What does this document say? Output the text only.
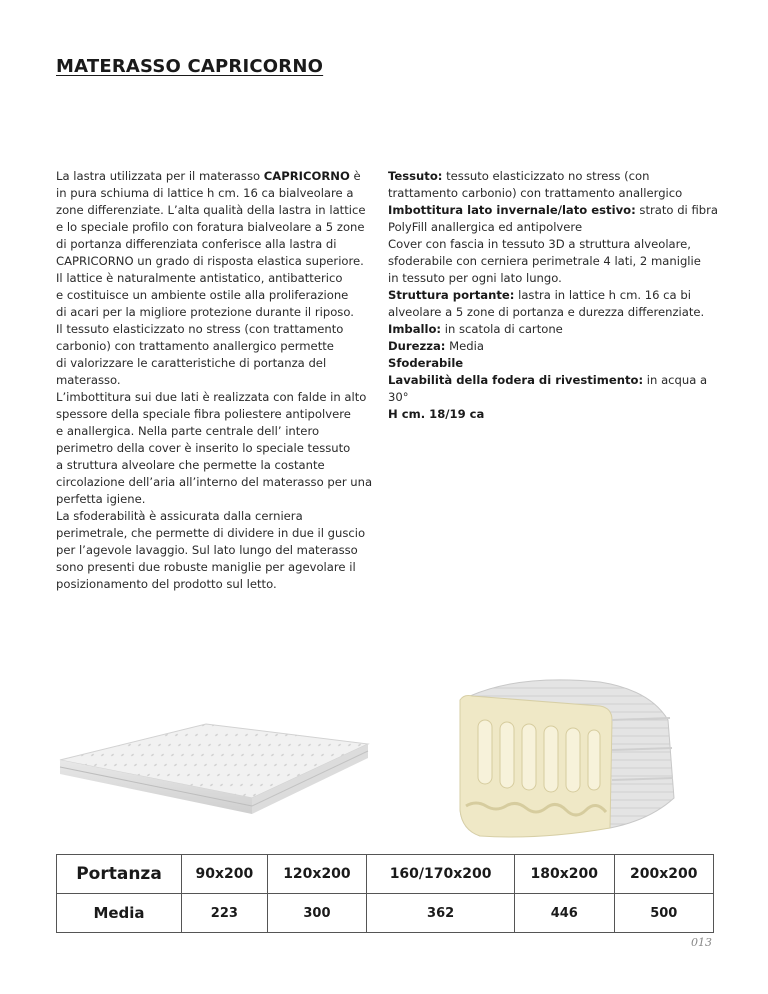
MATERASSO CAPRICORNO

La lastra utilizzata per il materasso CAPRICORNO è
in pura schiuma di lattice h cm. 16 ca bialveolare a
zone differenziate. L’alta qualità della lastra in lattice
e lo speciale profilo con foratura bialveolare a 5 zone
di portanza differenziata conferisce alla lastra di
CAPRICORNO un grado di risposta elastica superiore.
Il lattice è naturalmente antistatico, antibatterico
e costituisce un ambiente ostile alla proliferazione
di acari per la migliore protezione durante il riposo.
Il tessuto elasticizzato no stress (con trattamento
carbonio) con trattamento anallergico permette
di valorizzare le caratteristiche di portanza del
materasso.
L’imbottitura sui due lati è realizzata con falde in alto
spessore della speciale fibra poliestere antipolvere
e anallergica. Nella parte centrale dell’ intero
perimetro della cover è inserito lo speciale tessuto
a struttura alveolare che permette la costante
circolazione dell’aria all’interno del materasso per una
perfetta igiene.
La sfoderabilità è assicurata dalla cerniera
perimetrale, che permette di dividere in due il guscio
per l’agevole lavaggio. Sul lato lungo del materasso
sono presenti due robuste maniglie per agevolare il
posizionamento del prodotto sul letto.

Tessuto: tessuto elasticizzato no stress (con
trattamento carbonio) con trattamento anallergico

Imbottitura lato invernale/lato estivo: strato di fibra
PolyFill anallergica ed antipolvere
Cover con fascia in tessuto 3D a struttura alveolare,
sfoderabile con cerniera perimetrale 4 lati, 2 maniglie
in tessuto per ogni lato lungo.

Struttura portante: lastra in lattice h cm. 16 ca bi
alveolare a 5 zone di portanza e durezza differenziate.

Imballo: in scatola di cartone

Durezza: Media

Sfoderabile

Lavabilità della fodera di rivestimento: in acqua a 30°

H cm. 18/19 ca

Portanza	90x200	120x200	160/170x200	180x200	200x200
Media	223	300	362	446	500
013
